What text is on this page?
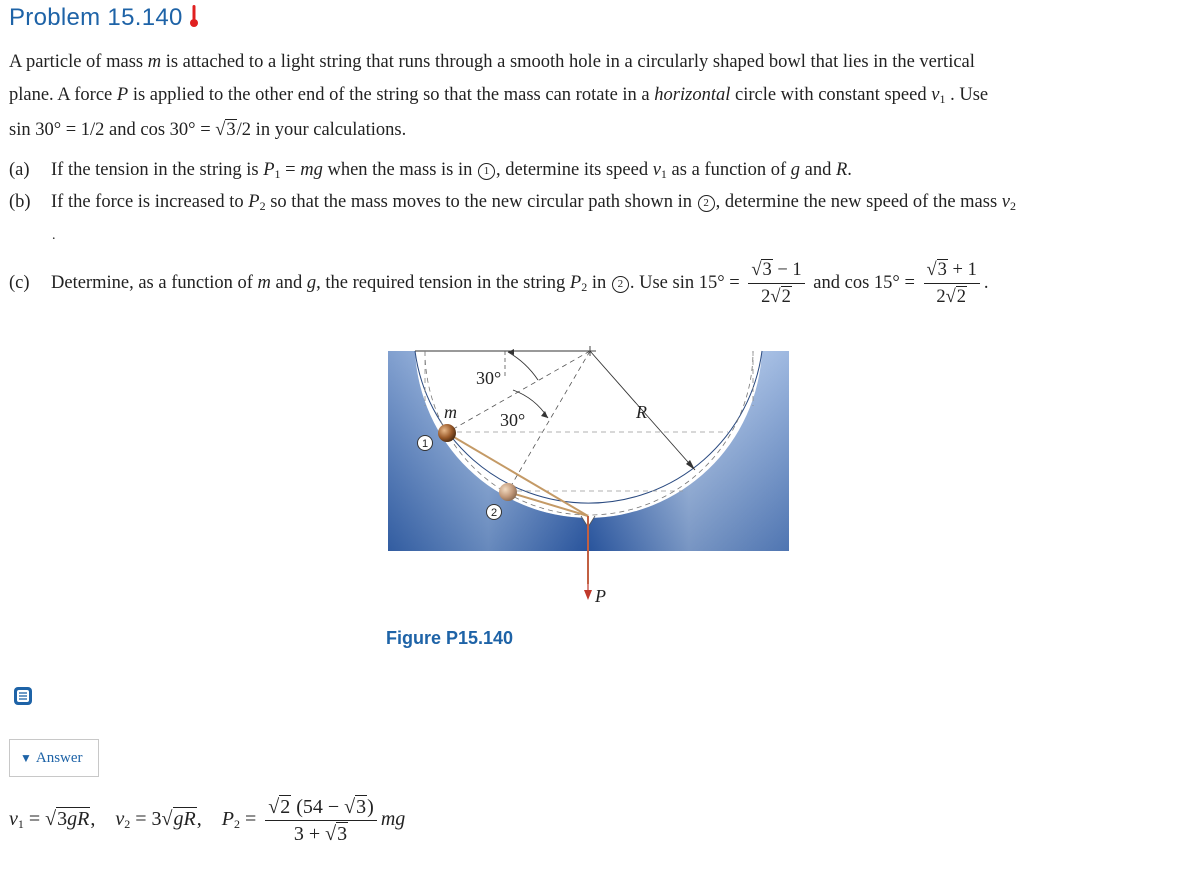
Problem 15.140
A particle of mass m is attached to a light string that runs through a smooth hole in a circularly shaped bowl that lies in the vertical
plane. A force P is applied to the other end of the string so that the mass can rotate in a horizontal circle with constant speed $v_1$ . Use
sin 30° = 1/2 and cos 30° = √3/2 in your calculations.
(a) If the tension in the string is $P_1$ = mg when the mass is in 1 , determine its speed $v_1$ as a function of g and R.
(b) If the force is increased to $P_2$ so that the mass moves to the new circular path shown in 2 , determine the new speed of the mass $v_2$
.
(c) Determine, as a function of m and g, the required tension in the string $P_2$ in 2 . Use $\sin 15^\circ = \frac{√3 - 1}{2√2}$ and $\cos 15^\circ = \frac{√3 + 1}{2√2}$ .
30°
30°
m	R
P
1
2
Figure P15.140
▼ Answer
$v_1 = √3gR$,    $v_2 = 3√gR$,    $P_2 = \frac{√2 (54 - √3)}{3 + √3}$ mg
